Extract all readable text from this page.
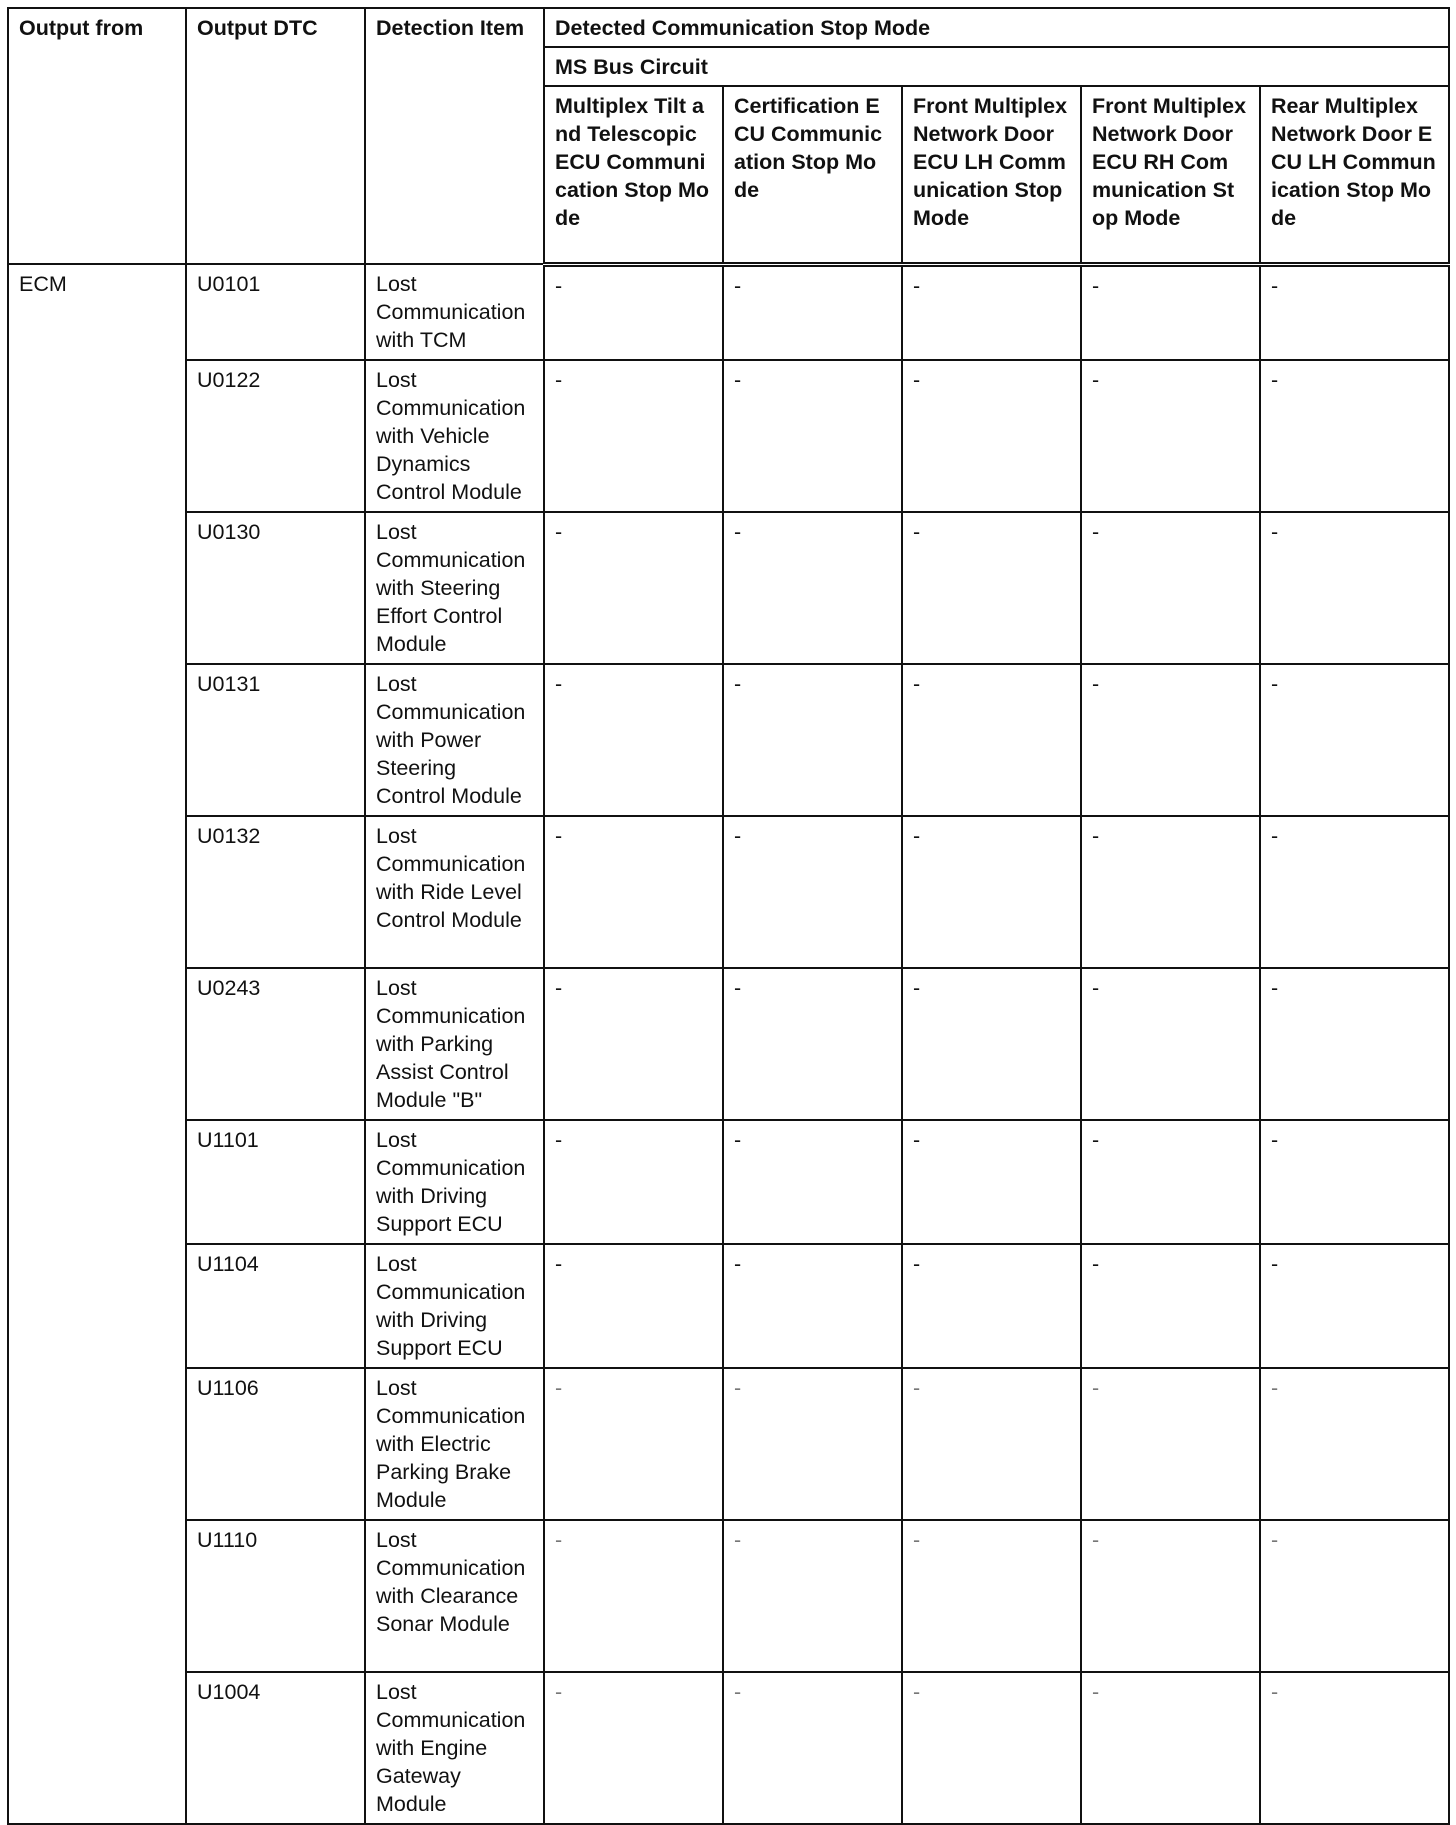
Output from	Output DTC	Detection Item	Detected Communication Stop Mode				
			MS Bus Circuit				
			Multiplex Tilt and Telescopic ECU Communication Stop Mode	Certification ECU Communication Stop Mode	Front Multiplex Network Door ECU LH Communication Stop Mode	Front Multiplex Network Door ECU RH Communication Stop Mode	Rear Multiplex Network Door ECU LH Communication Stop Mode
ECM	U0101	Lost Communication with TCM	-	-	-	-	-
	U0122	Lost Communication with Vehicle Dynamics Control Module	-	-	-	-	-
	U0130	Lost Communication with Steering Effort Control Module	-	-	-	-	-
	U0131	Lost Communication with Power Steering Control Module	-	-	-	-	-
	U0132	Lost Communication with Ride Level Control Module	-	-	-	-	-
	U0243	Lost Communication with Parking Assist Control Module "B"	-	-	-	-	-
	U1101	Lost Communication with Driving Support ECU	-	-	-	-	-
	U1104	Lost Communication with Driving Support ECU	-	-	-	-	-
	U1106	Lost Communication with Electric Parking Brake Module	-	-	-	-	-
	U1110	Lost Communication with Clearance Sonar Module	-	-	-	-	-
	U1004	Lost Communication with Engine Gateway Module	-	-	-	-	-
